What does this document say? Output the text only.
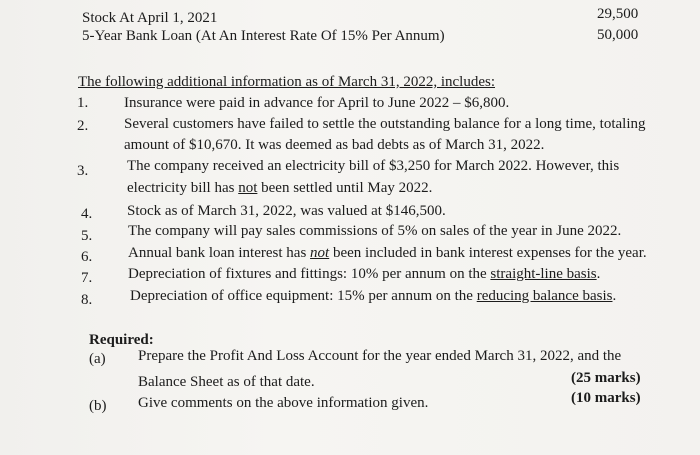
Stock At April 1, 2021	29,500
5-Year Bank Loan (At An Interest Rate Of 15% Per Annum)	50,000
The following additional information as of March 31, 2022, includes:
1. Insurance were paid in advance for April to June 2022 – $6,800.
2. Several customers have failed to settle the outstanding balance for a long time, totaling
amount of $10,670. It was deemed as bad debts as of March 31, 2022.
3.	The company received an electricity bill of $3,250 for March 2022. However, this
electricity bill has not been settled until May 2022.
4. Stock as of March 31, 2022, was valued at $146,500.
5. The company will pay sales commissions of 5% on sales of the year in June 2022.
6. Annual bank loan interest has not been included in bank interest expenses for the year.
7. Depreciation of fixtures and fittings: 10% per annum on the straight-line basis.
8.	Depreciation of office equipment: 15% per annum on the reducing balance basis.
Required:
(a) Prepare the Profit And Loss Account for the year ended March 31, 2022, and the
Balance Sheet as of that date.	(25 marks)
(b) Give comments on the above information given.	(10 marks)
